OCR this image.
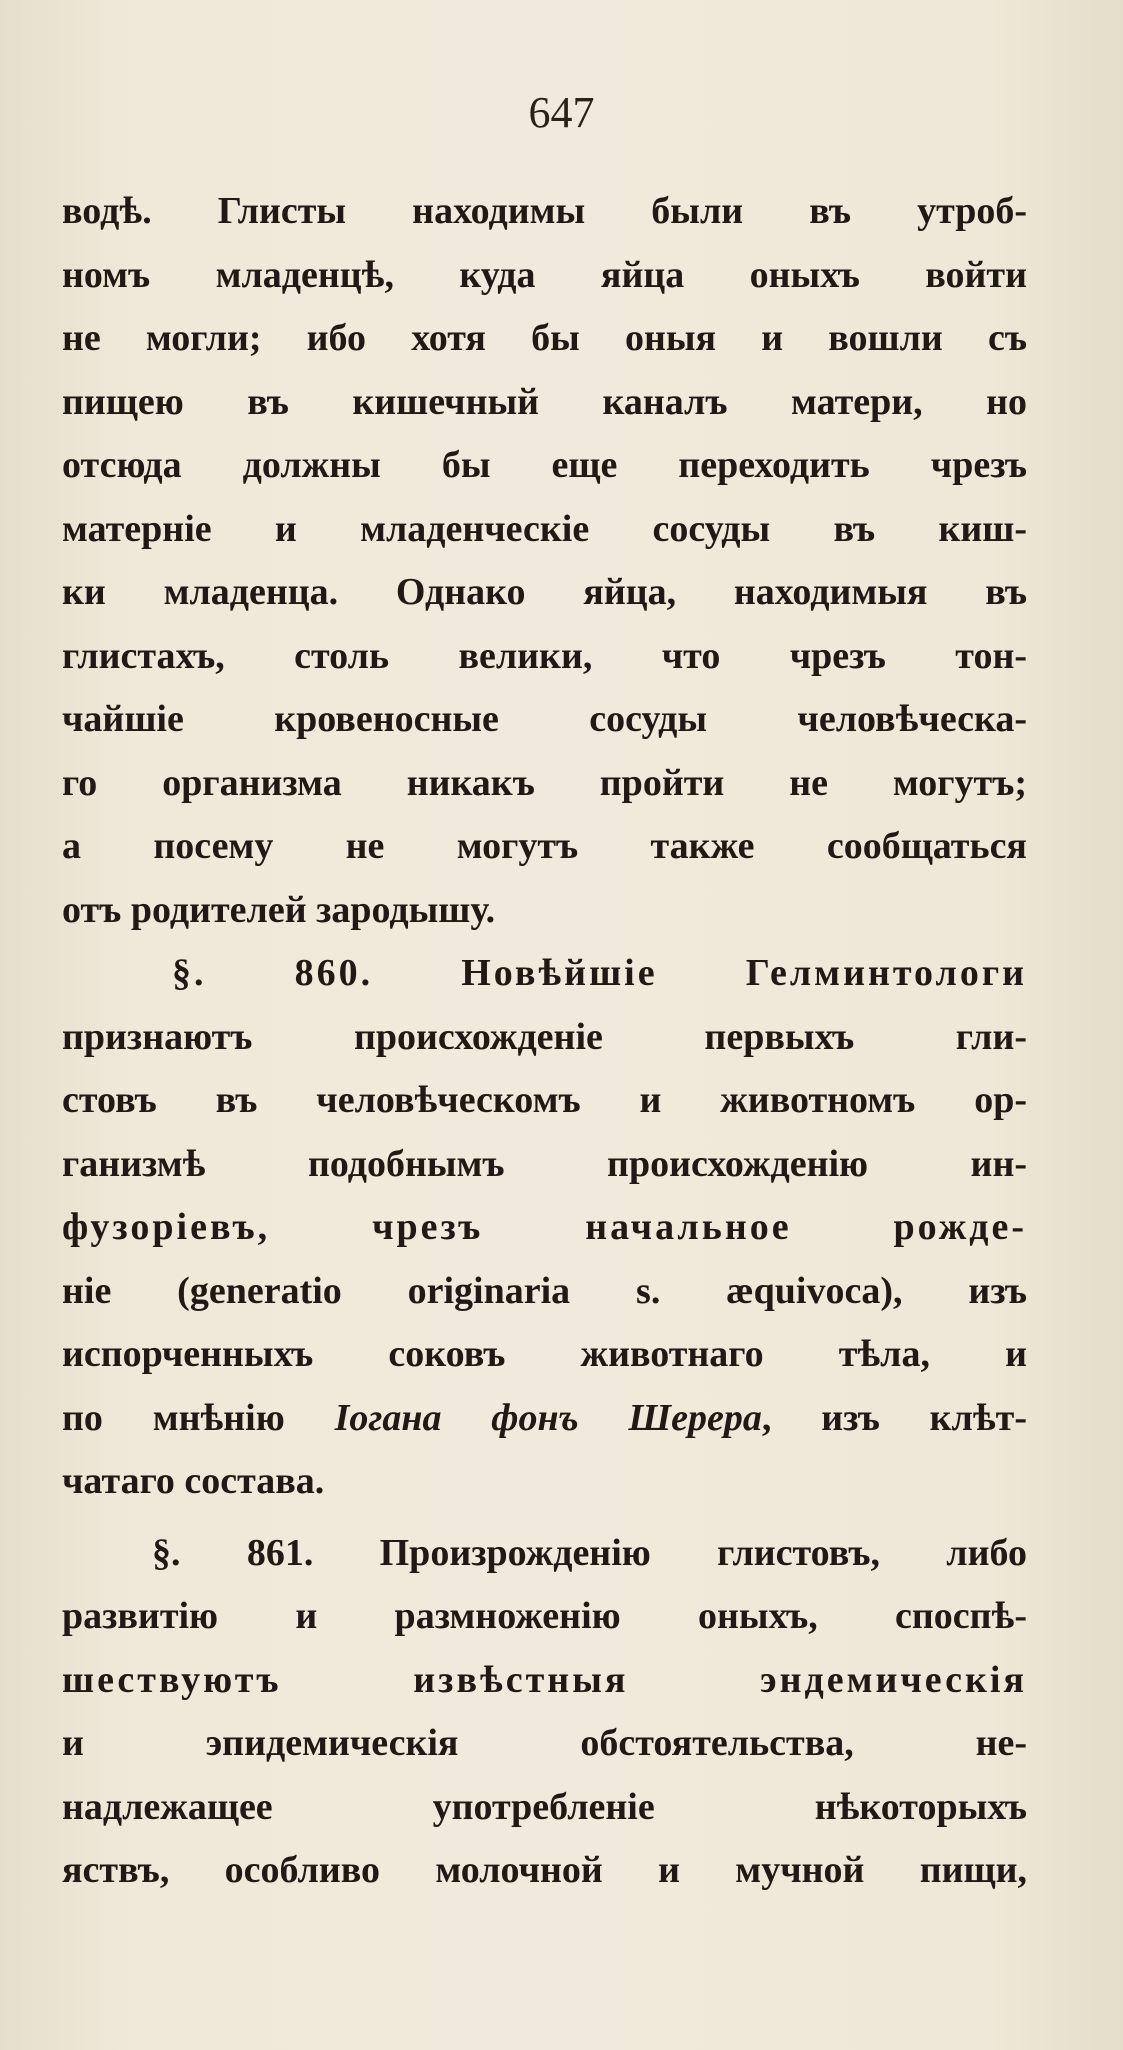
647
водѣ. Глисты находимы были въ утроб-
номъ младенцѣ, куда яйца оныхъ войти
не могли; ибо хотя бы оныя и вошли съ
пищею въ кишечный каналъ матери, но
отсюда должны бы еще переходить чрезъ
матерніе и младенческіе сосуды въ киш-
ки младенца. Однако яйца, находимыя въ
глистахъ, столь велики, что чрезъ тон-
чайшіе кровеносные сосуды человѣческа-
го организма никакъ пройти не могутъ;
а посему не могутъ также сообщаться
отъ родителей зародышу.
§. 860. Новѣйшіе Гелминтологи
признаютъ происхожденіе первыхъ гли-
стовъ въ человѣческомъ и животномъ ор-
ганизмѣ подобнымъ происхожденію ин-
фузоріевъ, чрезъ начальное рожде-
ніе (generatio originaria s. æquivoca), изъ
испорченныхъ соковъ животнаго тѣла, и
по мнѣнію Іогана фонъ Шерера, изъ клѣт-
чатаго состава.
§. 861. Произрожденію глистовъ, либо
развитію и размноженію оныхъ, споспѣ-
шествуютъ извѣстныя эндемическія
и эпидемическія обстоятельства, не-
надлежащее употребленіе нѣкоторыхъ
яствъ, особливо молочной и мучной пищи,
